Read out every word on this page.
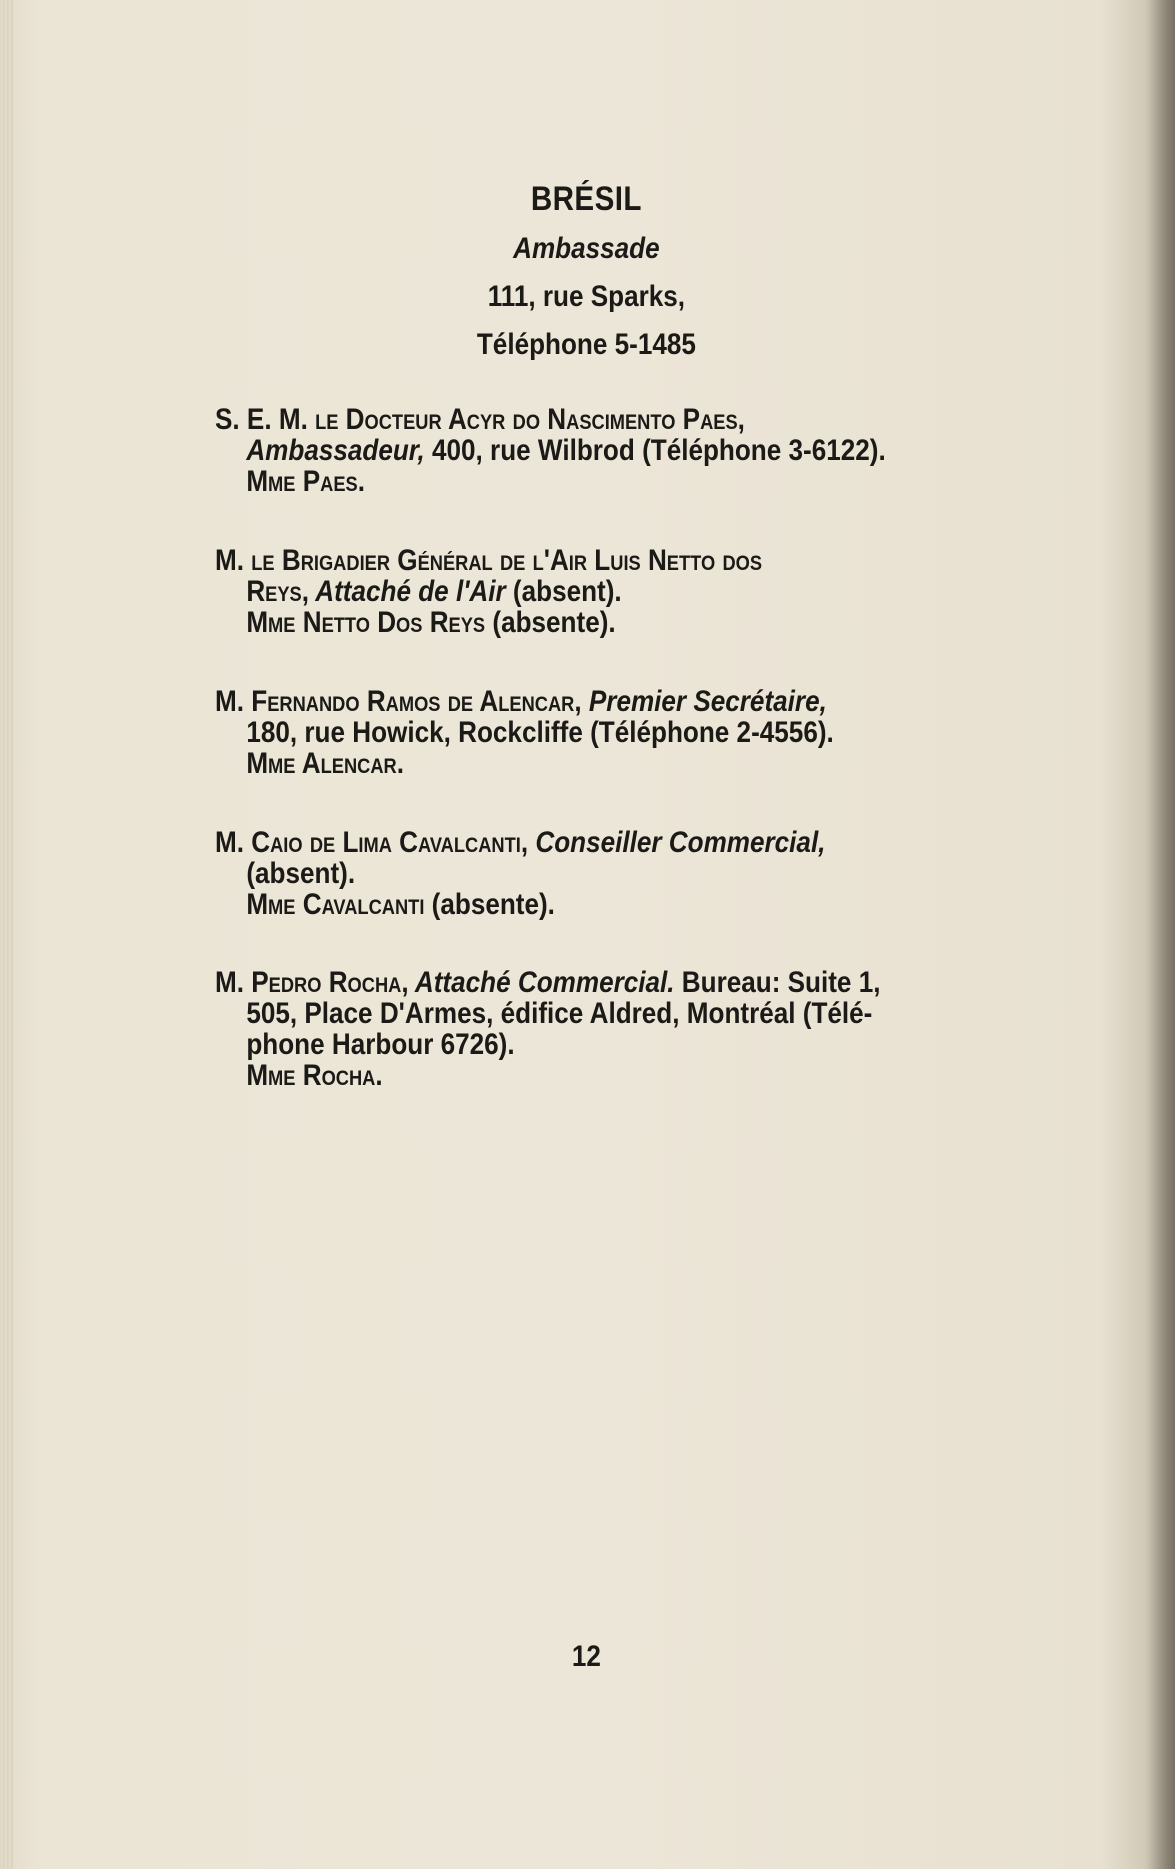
BRÉSIL
Ambassade
111, rue Sparks,
Téléphone 5-1485
S. E. M. le Docteur Acyr do Nascimento Paes,
Ambassadeur, 400, rue Wilbrod (Téléphone 3-6122).
Mme Paes.
M. le Brigadier Général de l'Air Luis Netto dos
Reys, Attaché de l'Air (absent).
Mme Netto Dos Reys (absente).
M. Fernando Ramos de Alencar, Premier Secrétaire,
180, rue Howick, Rockcliffe (Téléphone 2-4556).
Mme Alencar.
M. Caio de Lima Cavalcanti, Conseiller Commercial,
(absent).
Mme Cavalcanti (absente).
M. Pedro Rocha, Attaché Commercial. Bureau: Suite 1,
505, Place D'Armes, édifice Aldred, Montréal (Télé-
phone Harbour 6726).
Mme Rocha.
12
